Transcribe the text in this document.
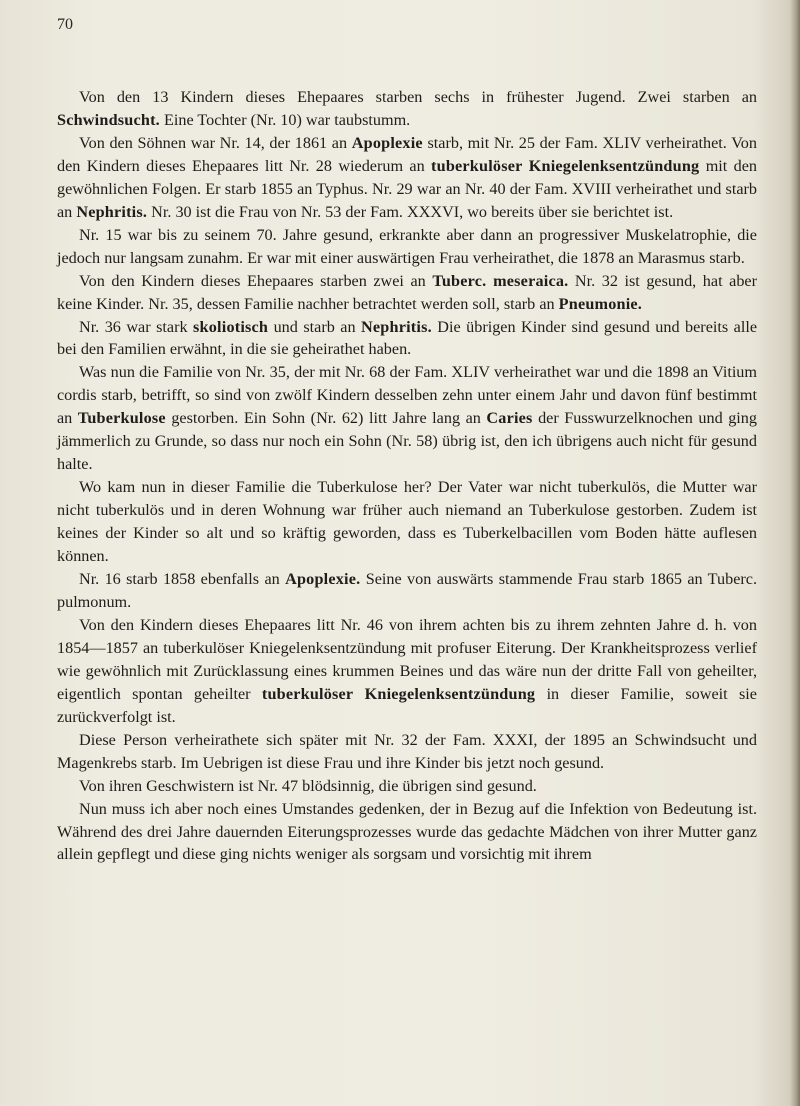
70

Von den 13 Kindern dieses Ehepaares starben sechs in frühester Jugend. Zwei starben an Schwindsucht. Eine Tochter (Nr. 10) war taubstumm.

Von den Söhnen war Nr. 14, der 1861 an Apoplexie starb, mit Nr. 25 der Fam. XLIV verheirathet. Von den Kindern dieses Ehepaares litt Nr. 28 wiederum an tuberkulöser Kniegelenksentzündung mit den gewöhnlichen Folgen. Er starb 1855 an Typhus. Nr. 29 war an Nr. 40 der Fam. XVIII verheirathet und starb an Nephritis. Nr. 30 ist die Frau von Nr. 53 der Fam. XXXVI, wo bereits über sie berichtet ist.

Nr. 15 war bis zu seinem 70. Jahre gesund, erkrankte aber dann an progressiver Muskelatrophie, die jedoch nur langsam zunahm. Er war mit einer auswärtigen Frau verheirathet, die 1878 an Marasmus starb.

Von den Kindern dieses Ehepaares starben zwei an Tuberc. meseraica. Nr. 32 ist gesund, hat aber keine Kinder. Nr. 35, dessen Familie nachher betrachtet werden soll, starb an Pneumonie.

Nr. 36 war stark skoliotisch und starb an Nephritis. Die übrigen Kinder sind gesund und bereits alle bei den Familien erwähnt, in die sie geheirathet haben.

Was nun die Familie von Nr. 35, der mit Nr. 68 der Fam. XLIV verheirathet war und die 1898 an Vitium cordis starb, betrifft, so sind von zwölf Kindern desselben zehn unter einem Jahr und davon fünf bestimmt an Tuberkulose gestorben. Ein Sohn (Nr. 62) litt Jahre lang an Caries der Fusswurzelknochen und ging jämmerlich zu Grunde, so dass nur noch ein Sohn (Nr. 58) übrig ist, den ich übrigens auch nicht für gesund halte.

Wo kam nun in dieser Familie die Tuberkulose her? Der Vater war nicht tuberkulös, die Mutter war nicht tuberkulös und in deren Wohnung war früher auch niemand an Tuberkulose gestorben. Zudem ist keines der Kinder so alt und so kräftig geworden, dass es Tuberkelbacillen vom Boden hätte auflesen können.

Nr. 16 starb 1858 ebenfalls an Apoplexie. Seine von auswärts stammende Frau starb 1865 an Tuberc. pulmonum.

Von den Kindern dieses Ehepaares litt Nr. 46 von ihrem achten bis zu ihrem zehnten Jahre d. h. von 1854—1857 an tuberkulöser Kniegelenksentzündung mit profuser Eiterung. Der Krankheitsprozess verlief wie gewöhnlich mit Zurücklassung eines krummen Beines und das wäre nun der dritte Fall von geheilter, eigentlich spontan geheilter tuberkulöser Kniegelenksentzündung in dieser Familie, soweit sie zurückverfolgt ist.

Diese Person verheirathete sich später mit Nr. 32 der Fam. XXXI, der 1895 an Schwindsucht und Magenkrebs starb. Im Uebrigen ist diese Frau und ihre Kinder bis jetzt noch gesund.

Von ihren Geschwistern ist Nr. 47 blödsinnig, die übrigen sind gesund.

Nun muss ich aber noch eines Umstandes gedenken, der in Bezug auf die Infektion von Bedeutung ist. Während des drei Jahre dauernden Eiterungsprozesses wurde das gedachte Mädchen von ihrer Mutter ganz allein gepflegt und diese ging nichts weniger als sorgsam und vorsichtig mit ihrem
